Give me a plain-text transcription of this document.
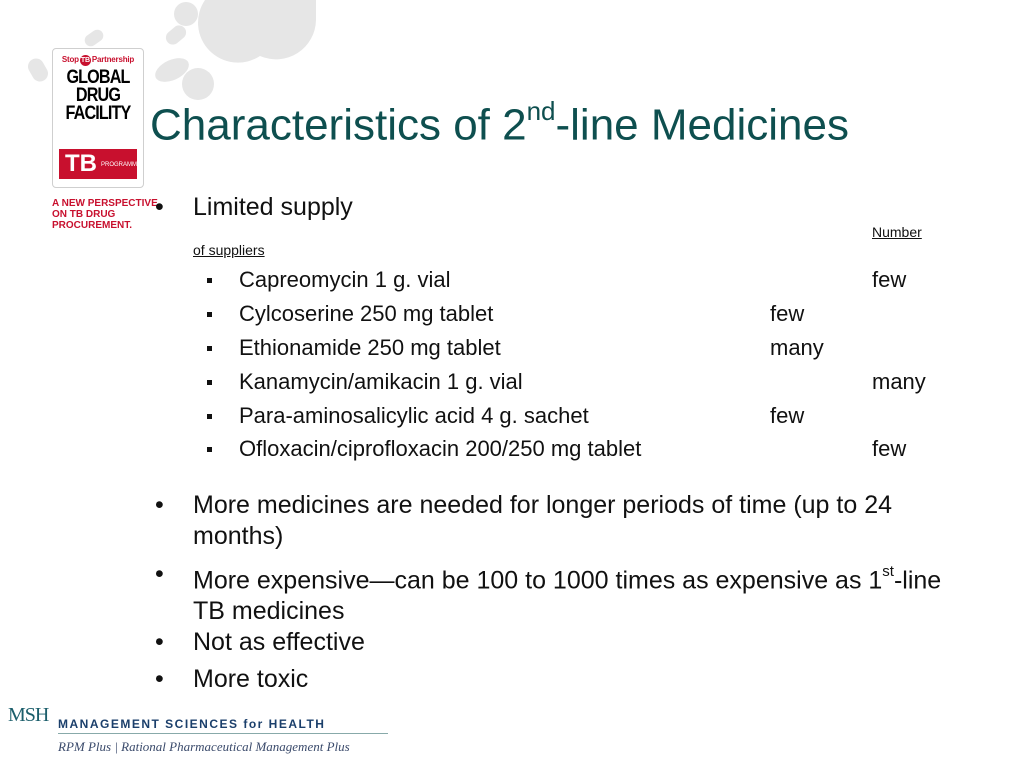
Stop TB Partnership
GLOBAL
DRUG
FACILITY
TB PROGRAMME
A NEW PERSPECTIVE ON TB DRUG PROCUREMENT.
Characteristics of 2nd-line Medicines
•	Limited supply
Number
of suppliers
Capreomycin 1 g. vial	few
Cylcoserine 250 mg tablet	few
Ethionamide 250 mg tablet	many
Kanamycin/amikacin 1 g. vial	many
Para-aminosalicylic acid 4 g. sachet	few
Ofloxacin/ciprofloxacin 200/250 mg tablet	few
•	More medicines are needed for longer periods of time (up to 24 months)
•	More expensive—can be 100 to 1000 times as expensive as 1st-line TB medicines
•	Not as effective
•	More toxic
MSH MANAGEMENT SCIENCES for HEALTH
RPM Plus | Rational Pharmaceutical Management Plus
